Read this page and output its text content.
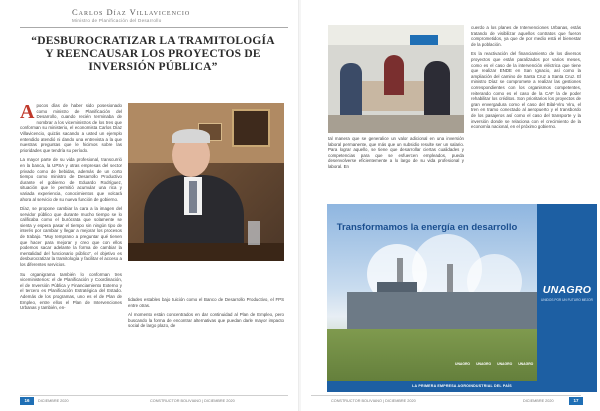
Carlos Díaz Villavicencio
Ministro de Planificación del Desarrollo
“DESBUROCRATIZAR LA TRAMITOLOGÍA Y REENCAUSAR LOS PROYECTOS DE INVERSIÓN PÚBLICA”

Apocos días de haber sido posesionado como ministro de Planificación del Desarrollo, cuando recién terminaba de nombrar a los viceministros de los tres que conforman su ministerio, el economista Carlos Díaz Villavicencio, quizás sacando a usted un ejemplo entendido atendió ni dando una entrevista a la que nuestras preguntas que le hicimos sobre las prioridades que tendría su período.

La mayor parte de su vida profesional, transcurrió en la banca, la UPSA y otras empresas del sector privado como de bebidas, además de un corto tiempo como ministro de Desarrollo Productivo durante el gobierno de Eduardo Rodríguez, situación que le permitió acumular una rica y variada experiencia, conocimientos que volcará ahora al servicio de su nueva función de gobierno.

Díaz, se propone cambiar la cara a la imagen del servidor público que durante mucho tiempo se lo calificaba como el burócrata que solamente se sienta y espera pasar el tiempo sin ningún tipo de interés por cambiar y llegar a mejorar los procesos de trabajo. “Muy temprano a preguntar qué tienen que hacer para mejorar y creo que con ellos podemos sacar adelante la forma de cambiar la mentalidad del funcionario público”, el objetivo es desburocratizar la tramitología y facilitar el acceso a los diferentes servicios.

Su organigrama también lo conforman tres viceministerios: el de Planificación y Coordinación, el de Inversión Pública y Financiamiento Externo y el tercero es Planificación Estratégica del Estado. Además de los programas, uno es el de Plan de Empleo, entre ellos el Plan de Intervenciones Urbanas y también, en-

tidades estables bajo tuición como el Banco de Desarrollo Productivo, el FPS entre otras.

Al momento están concentrados en dar continuidad al Plan de Empleo, pero buscando la forma de encontrar alternativas que puedan darle mayor impacto social de largo plazo, de

16	DICIEMBRE 2020	CONSTRUCTOR BOLIVIANO | DICIEMBRE 2020

tal manera que se generalice un valor adicional en una inversión laboral permanente, que más que un subsidio resulte ser un salario. Para lograr aquello, se tiene que desarrollar ciertas cualidades y competencias para que se esfuercen empleados, pueda desenvolverse eficientemente a lo largo de su vida profesional y laboral. En

cuerdo a los planes de Intervenciones Urbanas, estás tratando de visibilizar aquellos contratos que fueron comprometidos, ya que de por medio está el bienestar de la población.

Es la reactivación del financiamiento de los diversos proyectos que están paralizados por varios meses, como es el caso de la intervención eléctrica que tiene que realizar ENDE en San Ignacio, así como la ampliación del camino de Santa Cruz a Santa Cruz. El ministro Díaz se compromete a realizar las gestiones correspondientes con los organismos competentes, reiterando como es el caso de la CAF la de poder rehabilitar los créditos. Son prioritarios los proyectos de gran envergadura como el caso del Bilal-Viru Viru, el tren en tramo conectado al aeropuerto y el transbordo de los pasajeros así como el caso del transporte y la inversión donde se relaciona con el crecimiento de la economía nacional, en el próximo gobierno.

Transformamos la energía en desarrollo
UNAGRO
UNIDOS POR UN FUTURO MEJOR
UNAGRO UNAGRO UNAGRO UNAGRO
LA PRIMERA EMPRESA AGROINDUSTRIAL DEL PAÍS
CONSTRUCTOR BOLIVIANO | DICIEMBRE 2020	DICIEMBRE 2020	17
